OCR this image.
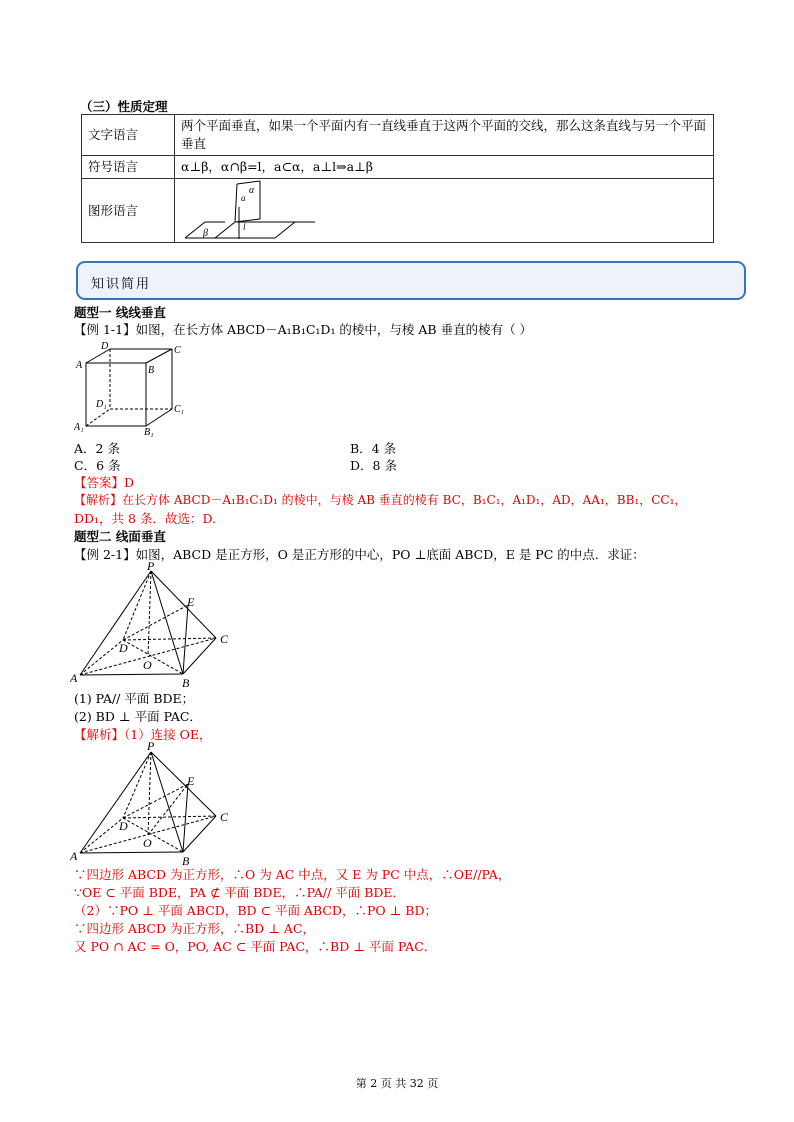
（三）性质定理
文字语言	两个平面垂直，如果一个平面内有一直线垂直于这两个平面的交线，那么这条直线与另一个平面垂直
符号语言	α⊥β，α∩β=l，a⊂α，a⊥l⇒a⊥β
图形语言	β
α
a
l
知识简用
题型一 线线垂直
【例 1-1】如图，在长方体 ABCD－A₁B₁C₁D₁ 的棱中，与棱 AB 垂直的棱有（ ）
D	C
A	B
D₁	C₁
A₁	B₁
A．2 条	B．4 条
C．6 条	D．8 条
【答案】D
【解析】在长方体 ABCD－A₁B₁C₁D₁ 的棱中，与棱 AB 垂直的棱有 BC，B₁C₁，A₁D₁，AD，AA₁，BB₁，CC₁，
DD₁，共 8 条．故选：D.
题型二 线面垂直
【例 2-1】如图，ABCD 是正方形，O 是正方形的中心，PO ⊥底面 ABCD，E 是 PC 的中点．求证：
P
E
C
D
O
A	B
(1) PA// 平面 BDE；
(2) BD ⊥ 平面 PAC．
【解析】（1）连接 OE，
P
E
C
D
O
A	B
∵四边形 ABCD 为正方形，∴O 为 AC 中点，又 E 为 PC 中点，∴OE//PA，
∵OE ⊂ 平面 BDE，PA ⊄ 平面 BDE，∴PA// 平面 BDE．
（2）∵PO ⊥ 平面 ABCD，BD ⊂ 平面 ABCD，∴PO ⊥ BD；
∵四边形 ABCD 为正方形，∴BD ⊥ AC，
又 PO ∩ AC = O，PO, AC ⊂ 平面 PAC，∴BD ⊥ 平面 PAC．
第 2 页 共 32 页
